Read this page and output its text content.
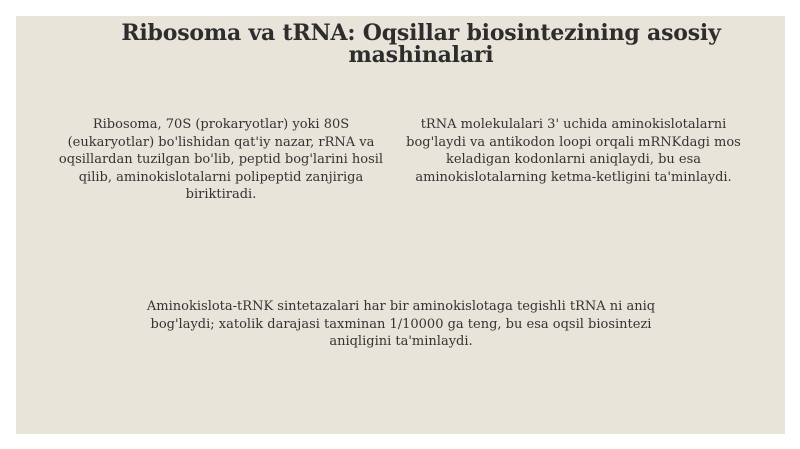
Ribosoma va tRNA: Oqsillar biosintezining asosiy mashinalari

Ribosoma, 70S (prokaryotlar) yoki 80S (eukaryotlar) bo'lishidan qat'iy nazar, rRNA va oqsillardan tuzilgan bo'lib, peptid bog'larini hosil qilib, aminokislotalarni polipeptid zanjiriga biriktiradi.

tRNA molekulalari 3' uchida aminokislotalarni bog'laydi va antikodon loopi orqali mRNKdagi mos keladigan kodonlarni aniqlaydi, bu esa aminokislotalarning ketma-ketligini ta'minlaydi.

Aminokislota-tRNK sintetazalari har bir aminokislotaga tegishli tRNA ni aniq bog'laydi; xatolik darajasi taxminan 1/10000 ga teng, bu esa oqsil biosintezi aniqligini ta'minlaydi.
